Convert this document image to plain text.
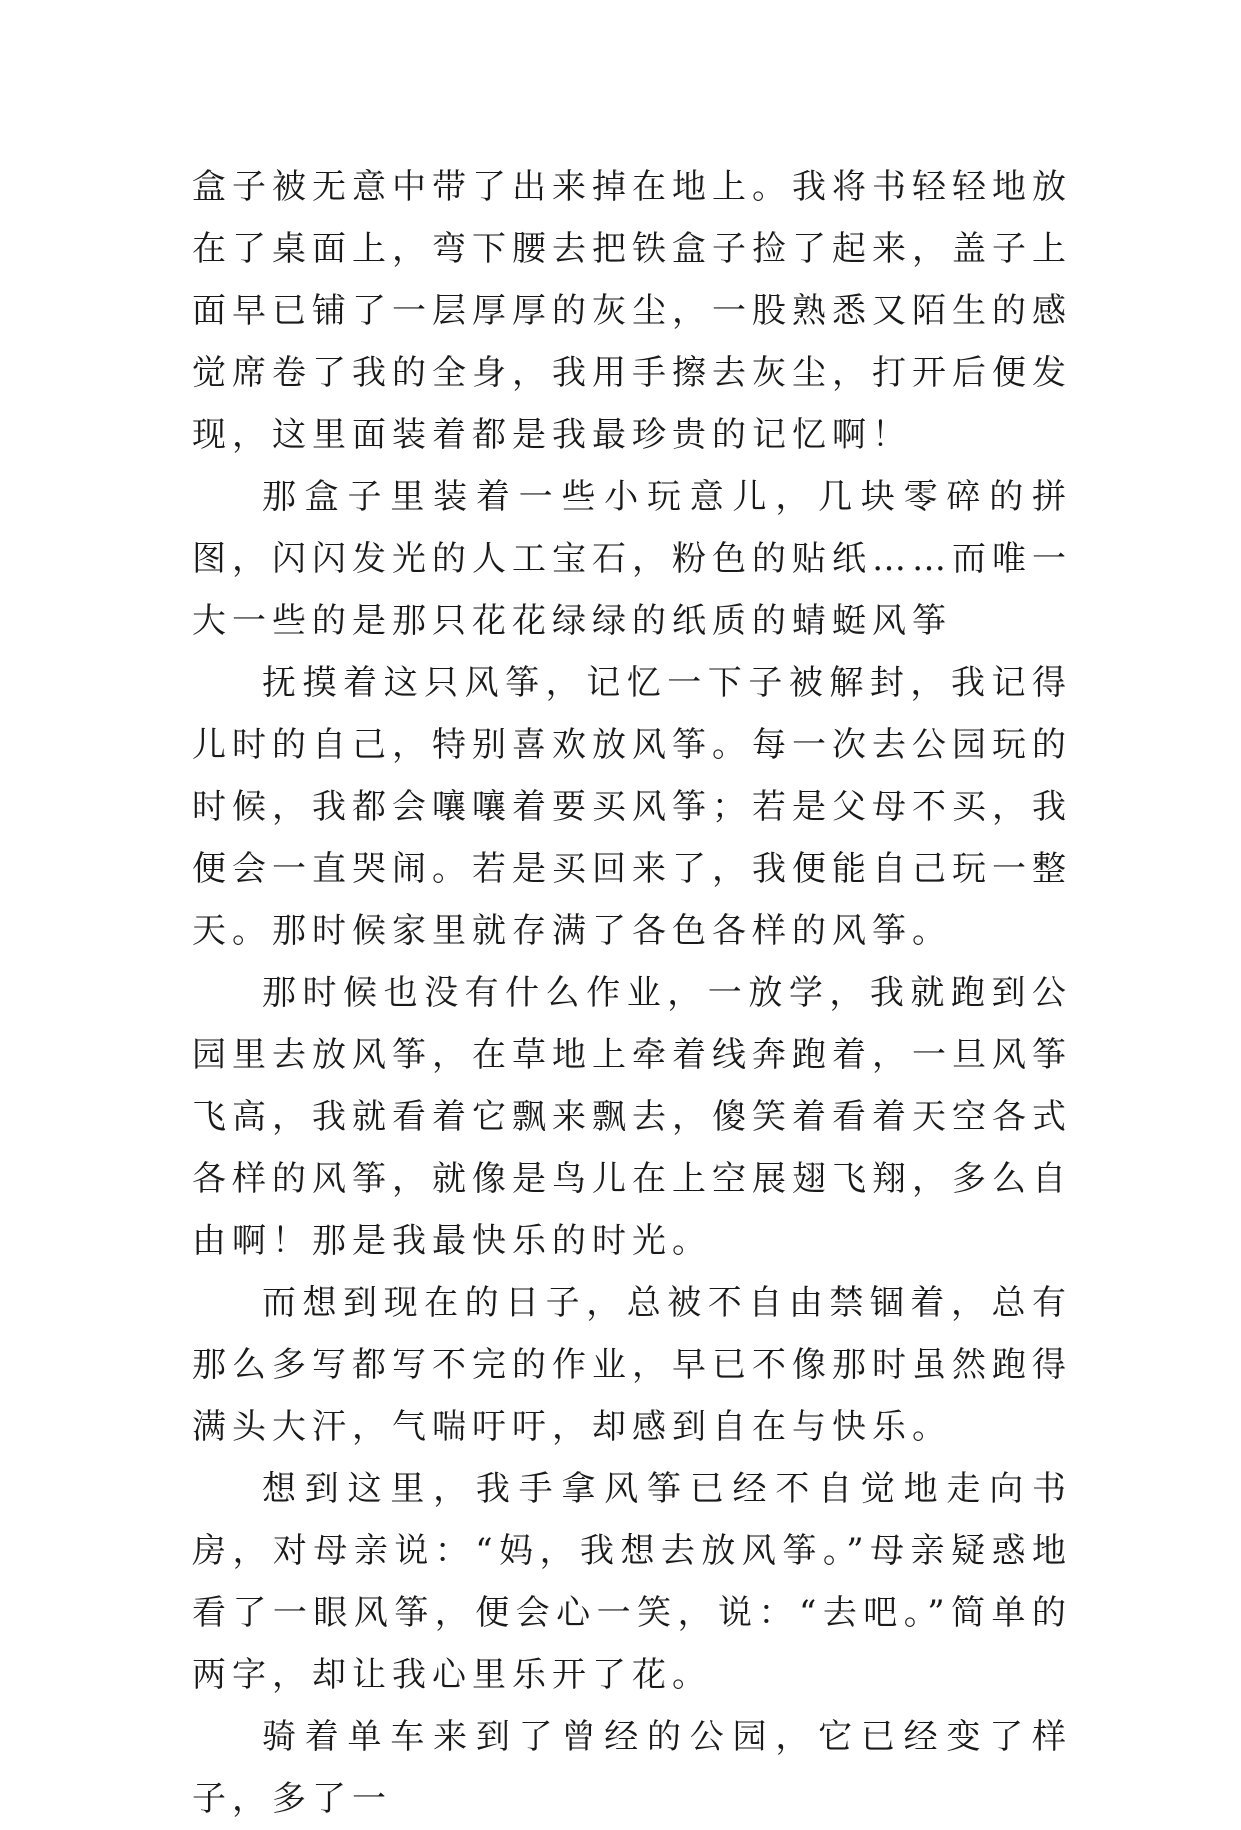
盒子被无意中带了出来掉在地上。我将书轻轻地放在了桌面上，弯下腰去把铁盒子捡了起来，盖子上面早已铺了一层厚厚的灰尘，一股熟悉又陌生的感觉席卷了我的全身，我用手擦去灰尘，打开后便发现，这里面装着都是我最珍贵的记忆啊！

那盒子里装着一些小玩意儿，几块零碎的拼图，闪闪发光的人工宝石，粉色的贴纸……而唯一大一些的是那只花花绿绿的纸质的蜻蜓风筝

抚摸着这只风筝，记忆一下子被解封，我记得儿时的自己，特别喜欢放风筝。每一次去公园玩的时候，我都会嚷嚷着要买风筝；若是父母不买，我便会一直哭闹。若是买回来了，我便能自己玩一整天。那时候家里就存满了各色各样的风筝。

那时候也没有什么作业，一放学，我就跑到公园里去放风筝，在草地上牵着线奔跑着，一旦风筝飞高，我就看着它飘来飘去，傻笑着看着天空各式各样的风筝，就像是鸟儿在上空展翅飞翔，多么自由啊！那是我最快乐的时光。

而想到现在的日子，总被不自由禁锢着，总有那么多写都写不完的作业，早已不像那时虽然跑得满头大汗，气喘吁吁，却感到自在与快乐。

想到这里，我手拿风筝已经不自觉地走向书房，对母亲说：“妈，我想去放风筝。”母亲疑惑地看了一眼风筝，便会心一笑，说：“去吧。”简单的两字，却让我心里乐开了花。

骑着单车来到了曾经的公园，它已经变了样子，多了一
